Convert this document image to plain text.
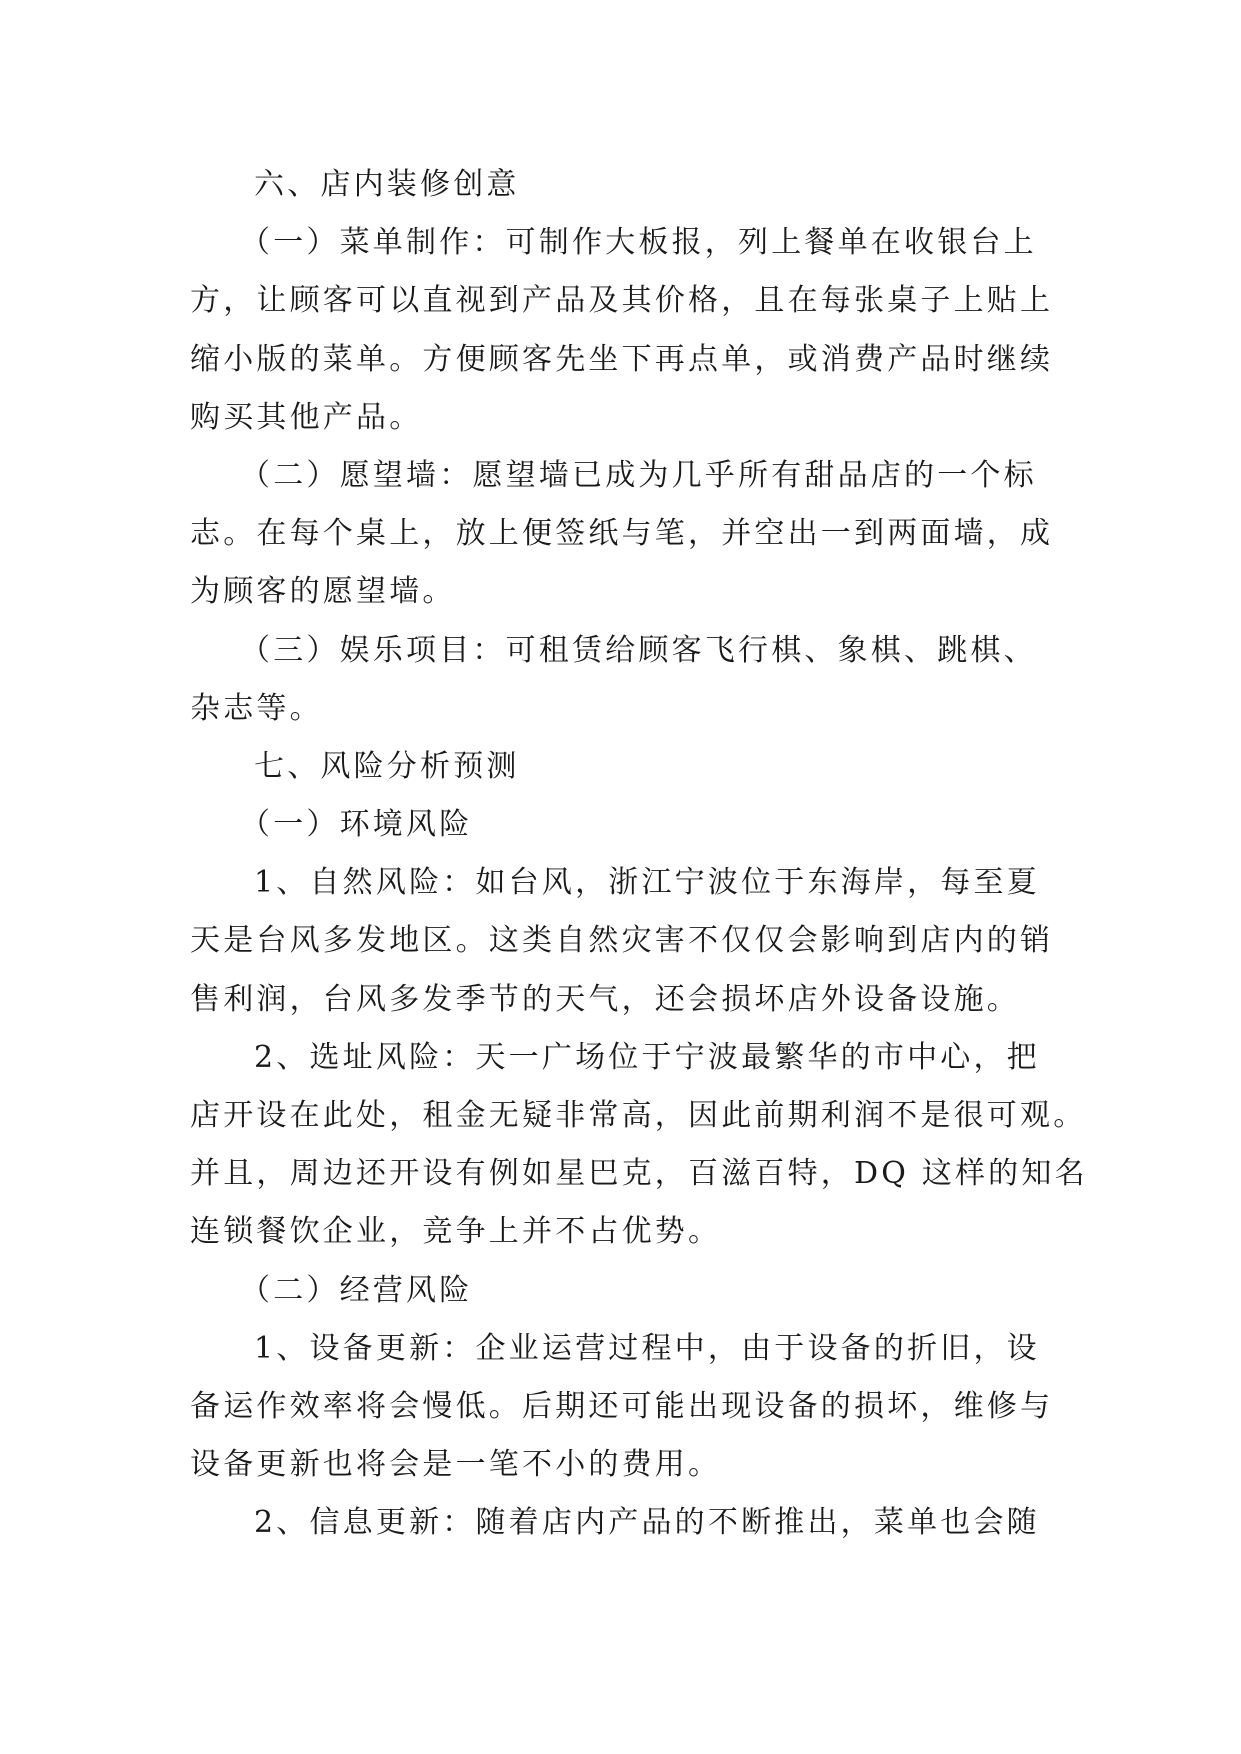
六、店内装修创意
（一）菜单制作：可制作大板报，列上餐单在收银台上
方，让顾客可以直视到产品及其价格，且在每张桌子上贴上
缩小版的菜单。方便顾客先坐下再点单，或消费产品时继续
购买其他产品。
（二）愿望墙：愿望墙已成为几乎所有甜品店的一个标
志。在每个桌上，放上便签纸与笔，并空出一到两面墙，成
为顾客的愿望墙。
（三）娱乐项目：可租赁给顾客飞行棋、象棋、跳棋、
杂志等。
七、风险分析预测
（一）环境风险
1、自然风险：如台风，浙江宁波位于东海岸，每至夏
天是台风多发地区。这类自然灾害不仅仅会影响到店内的销
售利润，台风多发季节的天气，还会损坏店外设备设施。
2、选址风险：天一广场位于宁波最繁华的市中心，把
店开设在此处，租金无疑非常高，因此前期利润不是很可观。
并且，周边还开设有例如星巴克，百滋百特，DQ 这样的知名
连锁餐饮企业，竞争上并不占优势。
（二）经营风险
1、设备更新：企业运营过程中，由于设备的折旧，设
备运作效率将会慢低。后期还可能出现设备的损坏，维修与
设备更新也将会是一笔不小的费用。
2、信息更新：随着店内产品的不断推出，菜单也会随
